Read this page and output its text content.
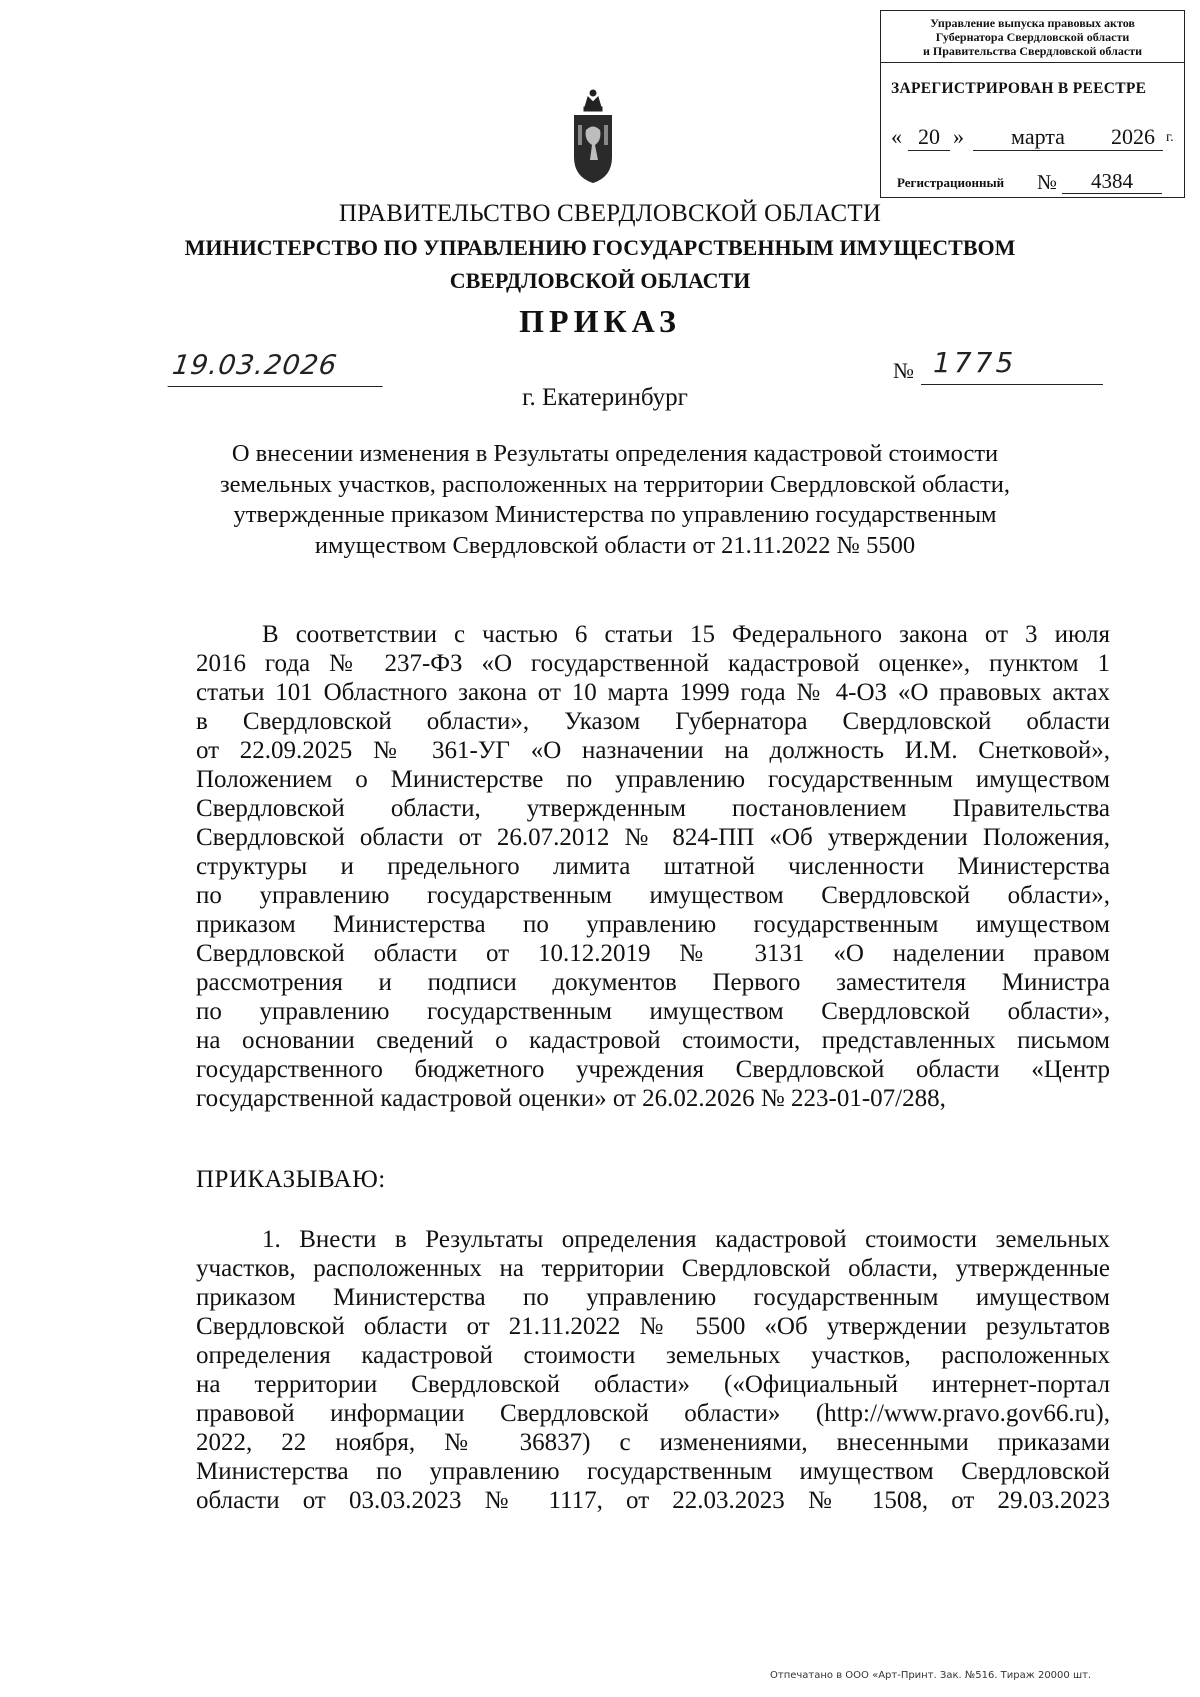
Управление выпуска правовых актов
Губернатора Свердловской области
и Правительства Свердловской области
ЗАРЕГИСТРИРОВАН В РЕЕСТРЕ
« 20 »	марта	2026 г.
Регистрационный №	4384
ПРАВИТЕЛЬСТВО СВЕРДЛОВСКОЙ ОБЛАСТИ
МИНИСТЕРСТВО ПО УПРАВЛЕНИЮ ГОСУДАРСТВЕННЫМ ИМУЩЕСТВОМ
СВЕРДЛОВСКОЙ ОБЛАСТИ
ПРИКАЗ
19.03.2026	№ 1775
г. Екатеринбург
О внесении изменения в Результаты определения кадастровой стоимости
земельных участков, расположенных на территории Свердловской области,
утвержденные приказом Министерства по управлению государственным
имуществом Свердловской области от 21.11.2022 № 5500
В соответствии с частью 6 статьи 15 Федерального закона от 3 июля
2016 года № 237-ФЗ «О государственной кадастровой оценке», пунктом 1
статьи 101 Областного закона от 10 марта 1999 года № 4-ОЗ «О правовых актах
в Свердловской области», Указом Губернатора Свердловской области
от 22.09.2025 № 361-УГ «О назначении на должность И.М. Снетковой»,
Положением о Министерстве по управлению государственным имуществом
Свердловской области, утвержденным постановлением Правительства
Свердловской области от 26.07.2012 № 824-ПП «Об утверждении Положения,
структуры и предельного лимита штатной численности Министерства
по управлению государственным имуществом Свердловской области»,
приказом Министерства по управлению государственным имуществом
Свердловской области от 10.12.2019 № 3131 «О наделении правом
рассмотрения и подписи документов Первого заместителя Министра
по управлению государственным имуществом Свердловской области»,
на основании сведений о кадастровой стоимости, представленных письмом
государственного бюджетного учреждения Свердловской области «Центр
государственной кадастровой оценки» от 26.02.2026 № 223-01-07/288,
ПРИКАЗЫВАЮ:
1. Внести в Результаты определения кадастровой стоимости земельных
участков, расположенных на территории Свердловской области, утвержденные
приказом Министерства по управлению государственным имуществом
Свердловской области от 21.11.2022 № 5500 «Об утверждении результатов
определения кадастровой стоимости земельных участков, расположенных
на территории Свердловской области» («Официальный интернет-портал
правовой информации Свердловской области» (http://www.pravo.gov66.ru),
2022, 22 ноября, № 36837) с изменениями, внесенными приказами
Министерства по управлению государственным имуществом Свердловской
области от 03.03.2023 № 1117, от 22.03.2023 № 1508, от 29.03.2023
Отпечатано в ООО «Арт-Принт. Зак. №516. Тираж 20000 шт.
